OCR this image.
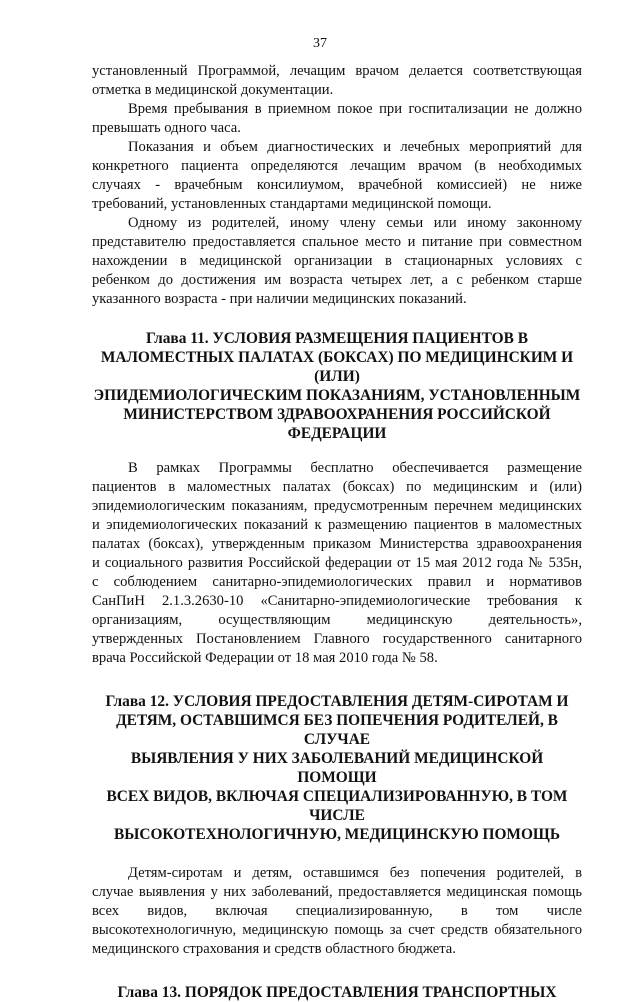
37

установленный Программой, лечащим врачом делается соответствующая
отметка в медицинской документации.

Время пребывания в приемном покое при госпитализации не должно
превышать одного часа.

Показания и объем диагностических и лечебных мероприятий для
конкретного пациента определяются лечащим врачом (в необходимых
случаях - врачебным консилиумом, врачебной комиссией) не ниже
требований, установленных стандартами медицинской помощи.

Одному из родителей, иному члену семьи или иному законному
представителю предоставляется спальное место и питание при совместном
нахождении в медицинской организации в стационарных условиях с
ребенком до достижения им возраста четырех лет, а с ребенком старше
указанного возраста - при наличии медицинских показаний.

Глава 11. УСЛОВИЯ РАЗМЕЩЕНИЯ ПАЦИЕНТОВ В
МАЛОМЕСТНЫХ ПАЛАТАХ (БОКСАХ) ПО МЕДИЦИНСКИМ И (ИЛИ)
ЭПИДЕМИОЛОГИЧЕСКИМ ПОКАЗАНИЯМ, УСТАНОВЛЕННЫМ
МИНИСТЕРСТВОМ ЗДРАВООХРАНЕНИЯ РОССИЙСКОЙ ФЕДЕРАЦИИ

В рамках Программы бесплатно обеспечивается размещение
пациентов в маломестных палатах (боксах) по медицинским и (или)
эпидемиологическим показаниям, предусмотренным перечнем медицинских
и эпидемиологических показаний к размещению пациентов в маломестных
палатах (боксах), утвержденным приказом Министерства здравоохранения
и социального развития Российской федерации от 15 мая 2012 года № 535н,
с соблюдением санитарно-эпидемиологических правил и нормативов
СанПиН 2.1.3.2630-10 «Санитарно-эпидемиологические требования к
организациям, осуществляющим медицинскую деятельность»,
утвержденных Постановлением Главного государственного санитарного
врача Российской Федерации от 18 мая 2010 года № 58.

Глава 12. УСЛОВИЯ ПРЕДОСТАВЛЕНИЯ ДЕТЯМ-СИРОТАМ И
ДЕТЯМ, ОСТАВШИМСЯ БЕЗ ПОПЕЧЕНИЯ РОДИТЕЛЕЙ, В СЛУЧАЕ
ВЫЯВЛЕНИЯ У НИХ ЗАБОЛЕВАНИЙ МЕДИЦИНСКОЙ ПОМОЩИ
ВСЕХ ВИДОВ, ВКЛЮЧАЯ СПЕЦИАЛИЗИРОВАННУЮ, В ТОМ ЧИСЛЕ
ВЫСОКОТЕХНОЛОГИЧНУЮ, МЕДИЦИНСКУЮ ПОМОЩЬ

Детям-сиротам и детям, оставшимся без попечения родителей, в
случае выявления у них заболеваний, предоставляется медицинская помощь
всех видов, включая специализированную, в том числе
высокотехнологичную, медицинскую помощь за счет средств обязательного
медицинского страхования и средств областного бюджета.

Глава 13. ПОРЯДОК ПРЕДОСТАВЛЕНИЯ ТРАНСПОРТНЫХ
